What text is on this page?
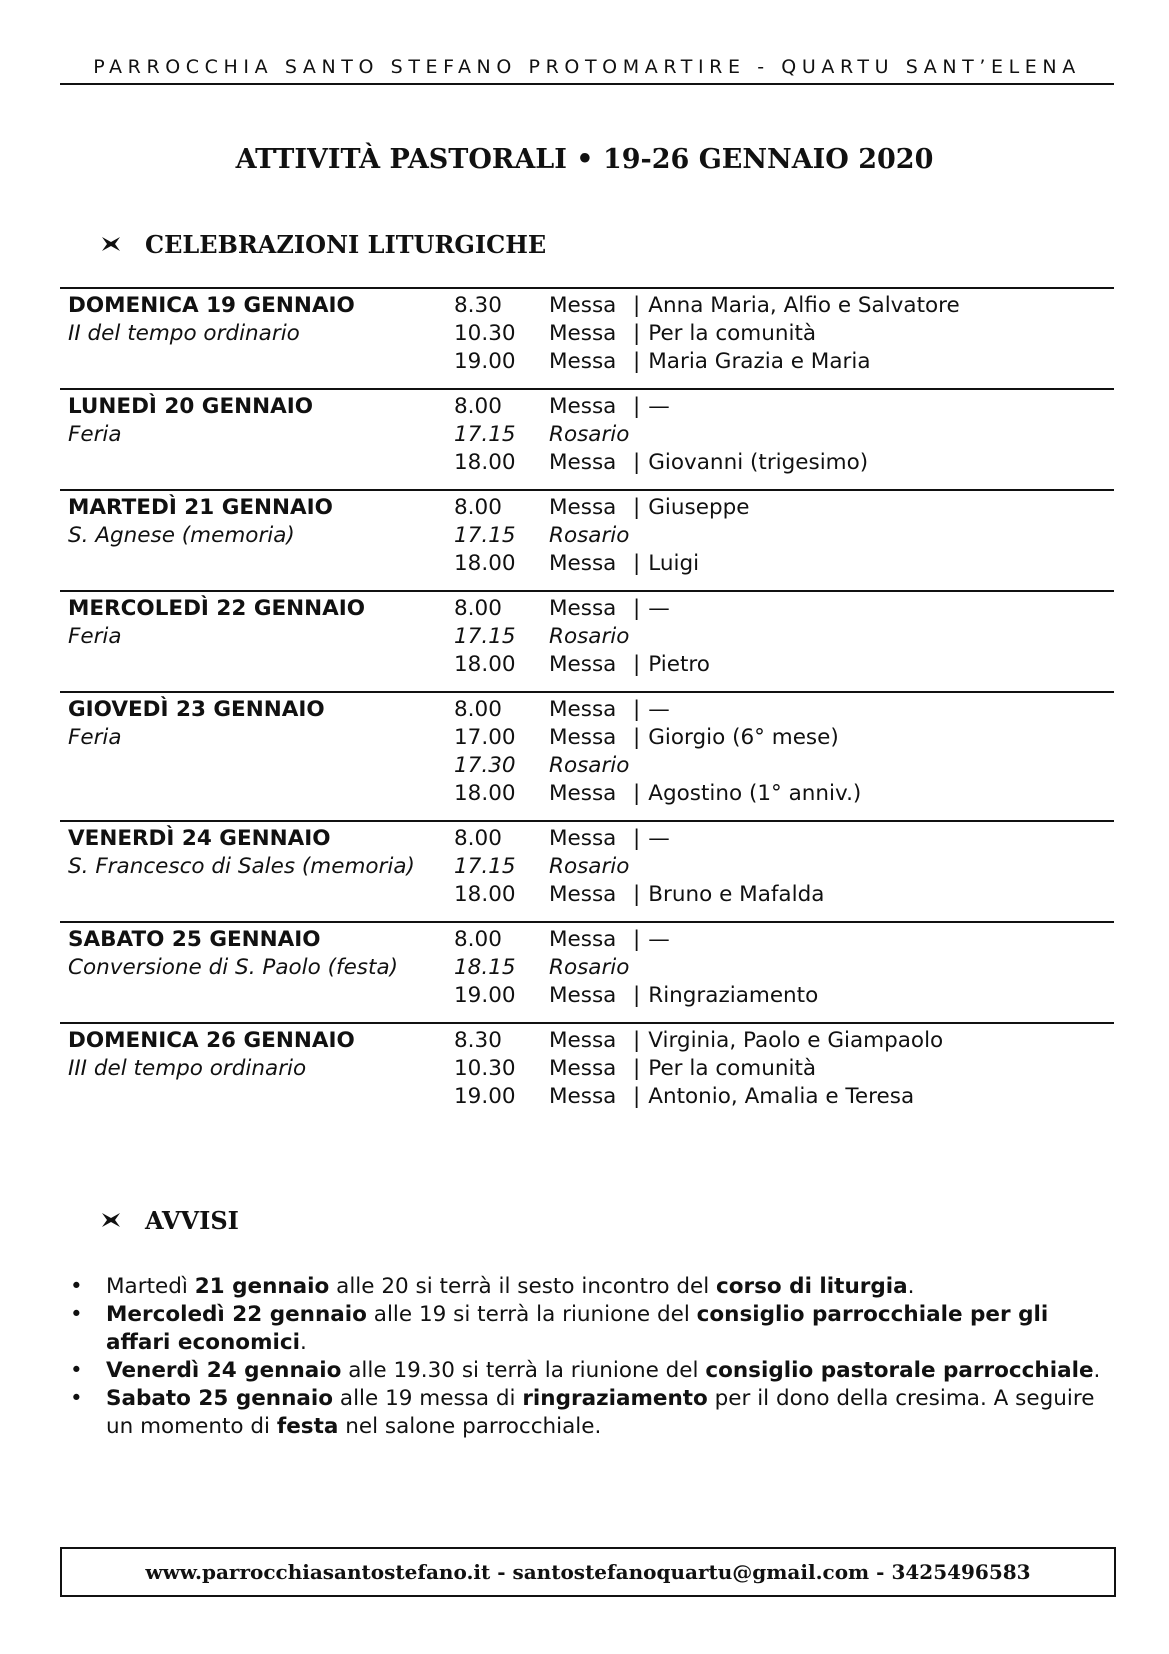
PARROCCHIA SANTO STEFANO PROTOMARTIRE - QUARTU SANT’ELENA
ATTIVITÀ PASTORALI • 19-26 GENNAIO 2020
CELEBRAZIONI LITURGICHE
DOMENICA 19 GENNAIO
II del tempo ordinario
8.30	Messa | Anna Maria, Alfio e Salvatore
10.30	Messa | Per la comunità
19.00	Messa | Maria Grazia e Maria
LUNEDÌ 20 GENNAIO
Feria
8.00	Messa | —
17.15	Rosario
18.00	Messa | Giovanni (trigesimo)
MARTEDÌ 21 GENNAIO
S. Agnese (memoria)
8.00	Messa | Giuseppe
17.15	Rosario
18.00	Messa | Luigi
MERCOLEDÌ 22 GENNAIO
Feria
8.00	Messa | —
17.15	Rosario
18.00	Messa | Pietro
GIOVEDÌ 23 GENNAIO
Feria
8.00	Messa | —
17.00	Messa | Giorgio (6° mese)
17.30	Rosario
18.00	Messa | Agostino (1° anniv.)
VENERDÌ 24 GENNAIO
S. Francesco di Sales (memoria)
8.00	Messa | —
17.15	Rosario
18.00	Messa | Bruno e Mafalda
SABATO 25 GENNAIO
Conversione di S. Paolo (festa)
8.00	Messa | —
18.15	Rosario
19.00	Messa | Ringraziamento
DOMENICA 26 GENNAIO
III del tempo ordinario
8.30	Messa | Virginia, Paolo e Giampaolo
10.30	Messa | Per la comunità
19.00	Messa | Antonio, Amalia e Teresa
AVVISI
• Martedì 21 gennaio alle 20 si terrà il sesto incontro del corso di liturgia.
• Mercoledì 22 gennaio alle 19 si terrà la riunione del consiglio parrocchiale per gli affari economici.
• Venerdì 24 gennaio alle 19.30 si terrà la riunione del consiglio pastorale parrocchiale.
• Sabato 25 gennaio alle 19 messa di ringraziamento per il dono della cresima. A seguire un momento di festa nel salone parrocchiale.
www.parrocchiasantostefano.it - santostefanoquartu@gmail.com - 3425496583
